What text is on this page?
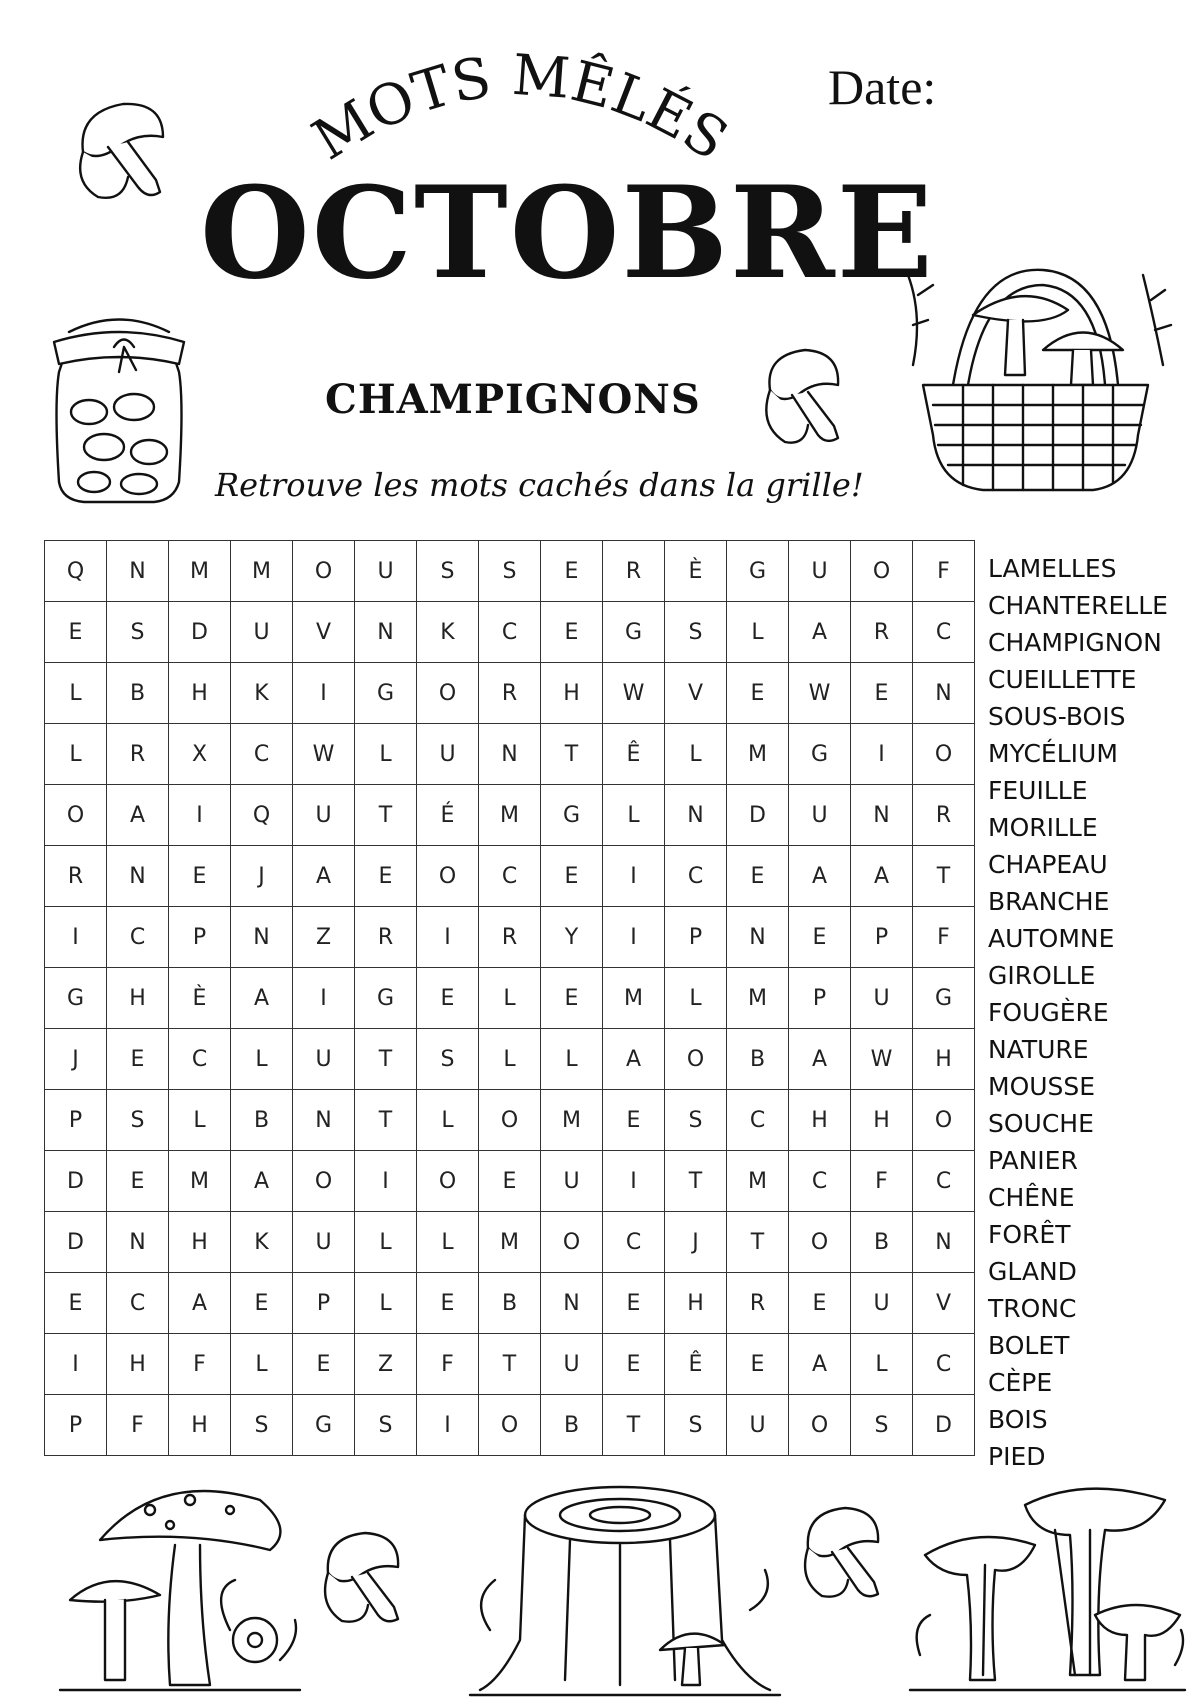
MOTS MÊLÉS
Date:
OCTOBRE
CHAMPIGNONS
Retrouve les mots cachés dans la grille!
Q	N	M	M	O	U	S	S	E	R	È	G	U	O	F
E	S	D	U	V	N	K	C	E	G	S	L	A	R	C
L	B	H	K	I	G	O	R	H	W	V	E	W	E	N
L	R	X	C	W	L	U	N	T	Ê	L	M	G	I	O
O	A	I	Q	U	T	É	M	G	L	N	D	U	N	R
R	N	E	J	A	E	O	C	E	I	C	E	A	A	T
I	C	P	N	Z	R	I	R	Y	I	P	N	E	P	F
G	H	È	A	I	G	E	L	E	M	L	M	P	U	G
J	E	C	L	U	T	S	L	L	A	O	B	A	W	H
P	S	L	B	N	T	L	O	M	E	S	C	H	H	O
D	E	M	A	O	I	O	E	U	I	T	M	C	F	C
D	N	H	K	U	L	L	M	O	C	J	T	O	B	N
E	C	A	E	P	L	E	B	N	E	H	R	E	U	V
I	H	F	L	E	Z	F	T	U	E	Ê	E	A	L	C
P	F	H	S	G	S	I	O	B	T	S	U	O	S	D
LAMELLES
CHANTERELLE
CHAMPIGNON
CUEILLETTE
SOUS-BOIS
MYCÉLIUM
FEUILLE
MORILLE
CHAPEAU
BRANCHE
AUTOMNE
GIROLLE
FOUGÈRE
NATURE
MOUSSE
SOUCHE
PANIER
CHÊNE
FORÊT
GLAND
TRONC
BOLET
CÈPE
BOIS
PIED
